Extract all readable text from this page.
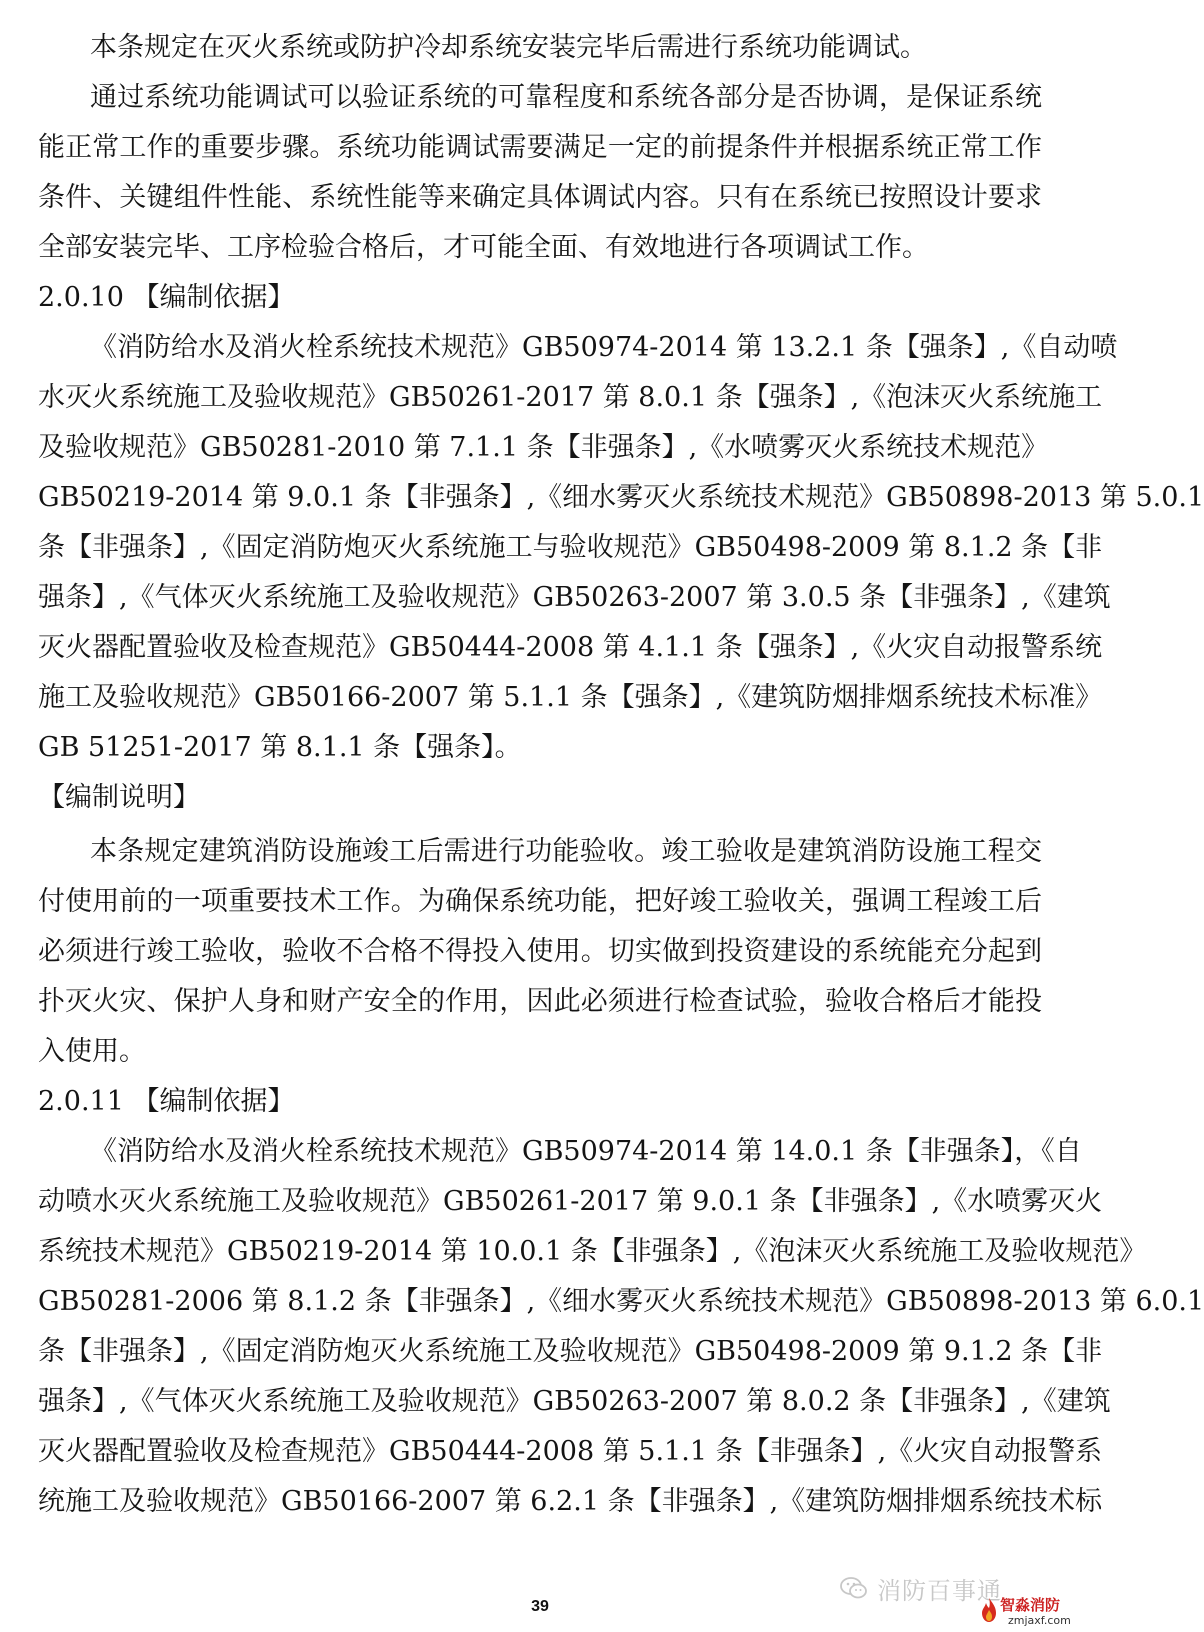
本条规定在灭火系统或防护冷却系统安装完毕后需进行系统功能调试。
通过系统功能调试可以验证系统的可靠程度和系统各部分是否协调，是保证系统
能正常工作的重要步骤。系统功能调试需要满足一定的前提条件并根据系统正常工作
条件、关键组件性能、系统性能等来确定具体调试内容。只有在系统已按照设计要求
全部安装完毕、工序检验合格后，才可能全面、有效地进行各项调试工作。
2.0.10 【编制依据】
《消防给水及消火栓系统技术规范》GB50974-2014 第 13.2.1 条【强条】,《自动喷
水灭火系统施工及验收规范》GB50261-2017 第 8.0.1 条【强条】,《泡沫灭火系统施工
及验收规范》GB50281-2010 第 7.1.1 条【非强条】,《水喷雾灭火系统技术规范》
GB50219-2014 第 9.0.1 条【非强条】,《细水雾灭火系统技术规范》GB50898-2013 第 5.0.1
条【非强条】,《固定消防炮灭火系统施工与验收规范》GB50498-2009 第 8.1.2 条【非
强条】,《气体灭火系统施工及验收规范》GB50263-2007 第 3.0.5 条【非强条】,《建筑
灭火器配置验收及检查规范》GB50444-2008 第 4.1.1 条【强条】,《火灾自动报警系统
施工及验收规范》GB50166-2007 第 5.1.1 条【强条】,《建筑防烟排烟系统技术标准》
GB 51251-2017 第 8.1.1 条【强条】。
【编制说明】
本条规定建筑消防设施竣工后需进行功能验收。竣工验收是建筑消防设施工程交
付使用前的一项重要技术工作。为确保系统功能，把好竣工验收关，强调工程竣工后
必须进行竣工验收，验收不合格不得投入使用。切实做到投资建设的系统能充分起到
扑灭火灾、保护人身和财产安全的作用，因此必须进行检查试验，验收合格后才能投
入使用。
2.0.11 【编制依据】
《消防给水及消火栓系统技术规范》GB50974-2014 第 14.0.1 条【非强条】，《自
动喷水灭火系统施工及验收规范》GB50261-2017 第 9.0.1 条【非强条】,《水喷雾灭火
系统技术规范》GB50219-2014 第 10.0.1 条【非强条】,《泡沫灭火系统施工及验收规范》
GB50281-2006 第 8.1.2 条【非强条】,《细水雾灭火系统技术规范》GB50898-2013 第 6.0.1
条【非强条】,《固定消防炮灭火系统施工及验收规范》GB50498-2009 第 9.1.2 条【非
强条】,《气体灭火系统施工及验收规范》GB50263-2007 第 8.0.2 条【非强条】,《建筑
灭火器配置验收及检查规范》GB50444-2008 第 5.1.1 条【非强条】,《火灾自动报警系
统施工及验收规范》GB50166-2007 第 6.2.1 条【非强条】,《建筑防烟排烟系统技术标
消防百事通
39	智淼消防
zmjaxf.com
